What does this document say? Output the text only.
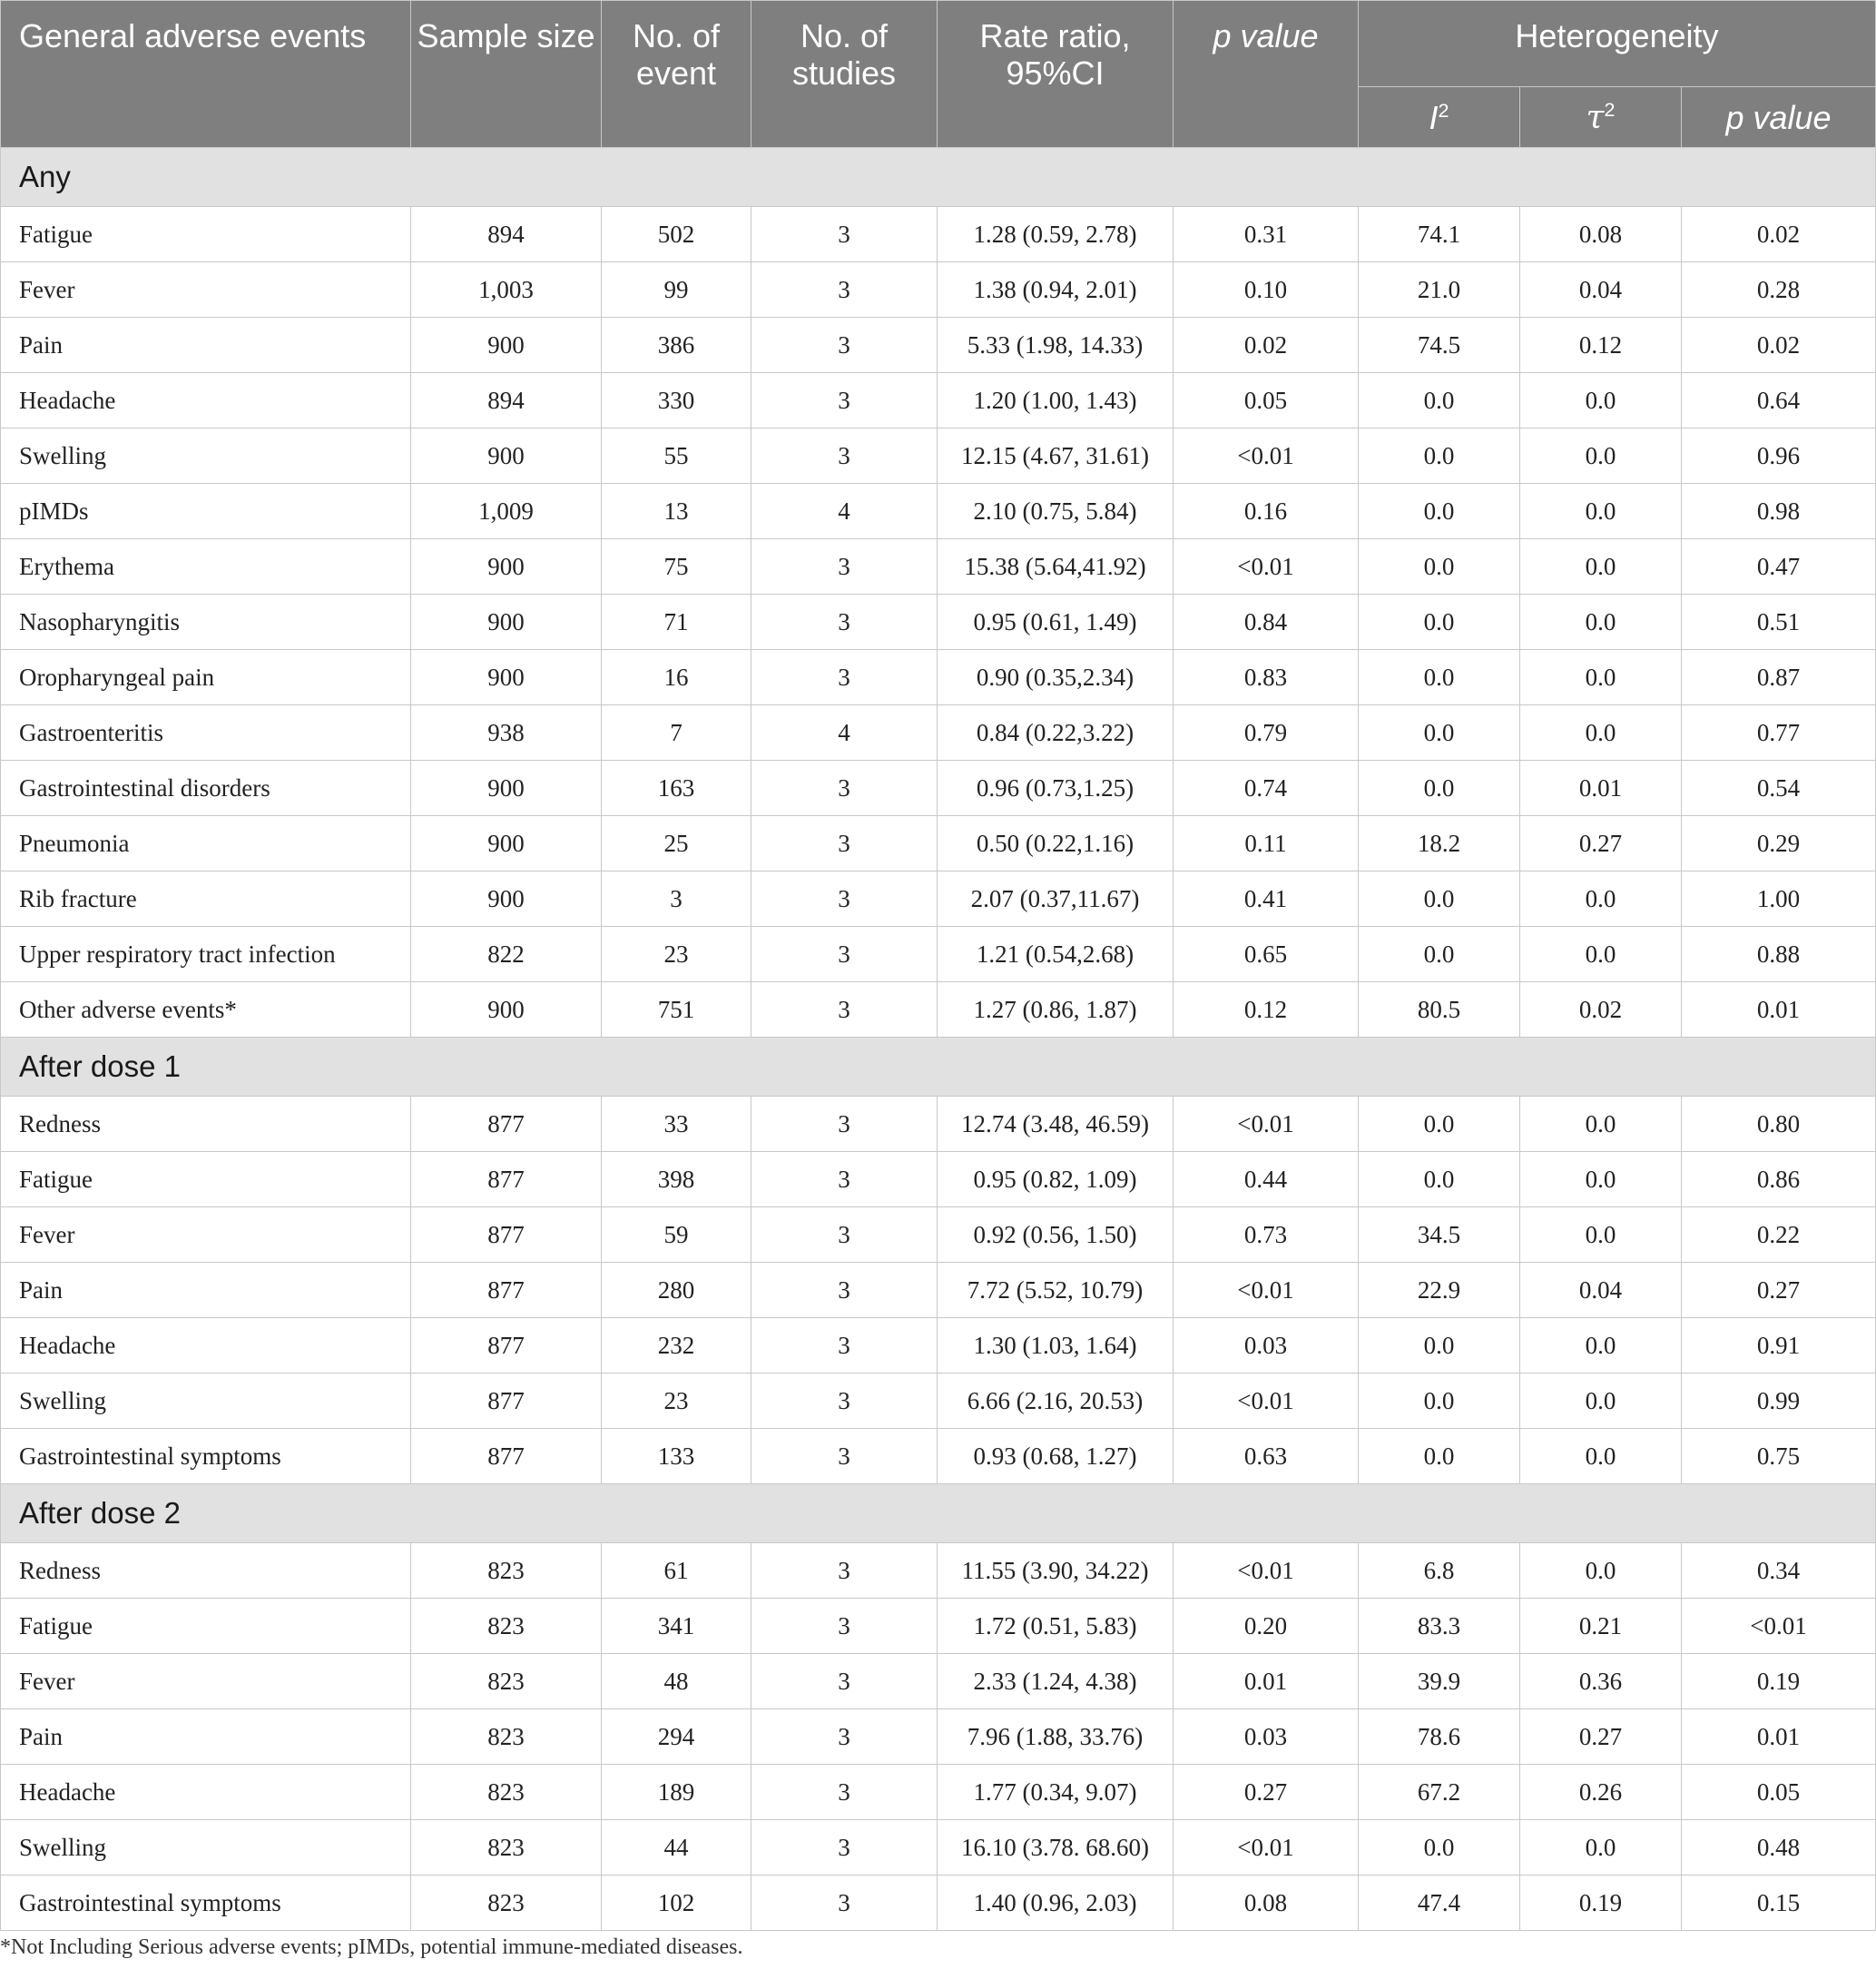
General adverse events	Sample size	No. of event	No. of studies	Rate ratio, 95%CI	p value	Heterogeneity		
						$I^2$	$\tau^2$	p value
Any								
Fatigue	894	502	3	1.28 (0.59, 2.78)	0.31	74.1	0.08	0.02
Fever	1,003	99	3	1.38 (0.94, 2.01)	0.10	21.0	0.04	0.28
Pain	900	386	3	5.33 (1.98, 14.33)	0.02	74.5	0.12	0.02
Headache	894	330	3	1.20 (1.00, 1.43)	0.05	0.0	0.0	0.64
Swelling	900	55	3	12.15 (4.67, 31.61)	<0.01	0.0	0.0	0.96
pIMDs	1,009	13	4	2.10 (0.75, 5.84)	0.16	0.0	0.0	0.98
Erythema	900	75	3	15.38 (5.64,41.92)	<0.01	0.0	0.0	0.47
Nasopharyngitis	900	71	3	0.95 (0.61, 1.49)	0.84	0.0	0.0	0.51
Oropharyngeal pain	900	16	3	0.90 (0.35,2.34)	0.83	0.0	0.0	0.87
Gastroenteritis	938	7	4	0.84 (0.22,3.22)	0.79	0.0	0.0	0.77
Gastrointestinal disorders	900	163	3	0.96 (0.73,1.25)	0.74	0.0	0.01	0.54
Pneumonia	900	25	3	0.50 (0.22,1.16)	0.11	18.2	0.27	0.29
Rib fracture	900	3	3	2.07 (0.37,11.67)	0.41	0.0	0.0	1.00
Upper respiratory tract infection	822	23	3	1.21 (0.54,2.68)	0.65	0.0	0.0	0.88
Other adverse events*	900	751	3	1.27 (0.86, 1.87)	0.12	80.5	0.02	0.01
After dose 1								
Redness	877	33	3	12.74 (3.48, 46.59)	<0.01	0.0	0.0	0.80
Fatigue	877	398	3	0.95 (0.82, 1.09)	0.44	0.0	0.0	0.86
Fever	877	59	3	0.92 (0.56, 1.50)	0.73	34.5	0.0	0.22
Pain	877	280	3	7.72 (5.52, 10.79)	<0.01	22.9	0.04	0.27
Headache	877	232	3	1.30 (1.03, 1.64)	0.03	0.0	0.0	0.91
Swelling	877	23	3	6.66 (2.16, 20.53)	<0.01	0.0	0.0	0.99
Gastrointestinal symptoms	877	133	3	0.93 (0.68, 1.27)	0.63	0.0	0.0	0.75
After dose 2								
Redness	823	61	3	11.55 (3.90, 34.22)	<0.01	6.8	0.0	0.34
Fatigue	823	341	3	1.72 (0.51, 5.83)	0.20	83.3	0.21	<0.01
Fever	823	48	3	2.33 (1.24, 4.38)	0.01	39.9	0.36	0.19
Pain	823	294	3	7.96 (1.88, 33.76)	0.03	78.6	0.27	0.01
Headache	823	189	3	1.77 (0.34, 9.07)	0.27	67.2	0.26	0.05
Swelling	823	44	3	16.10 (3.78. 68.60)	<0.01	0.0	0.0	0.48
Gastrointestinal symptoms	823	102	3	1.40 (0.96, 2.03)	0.08	47.4	0.19	0.15
*Not Including Serious adverse events; pIMDs, potential immune-mediated diseases.
